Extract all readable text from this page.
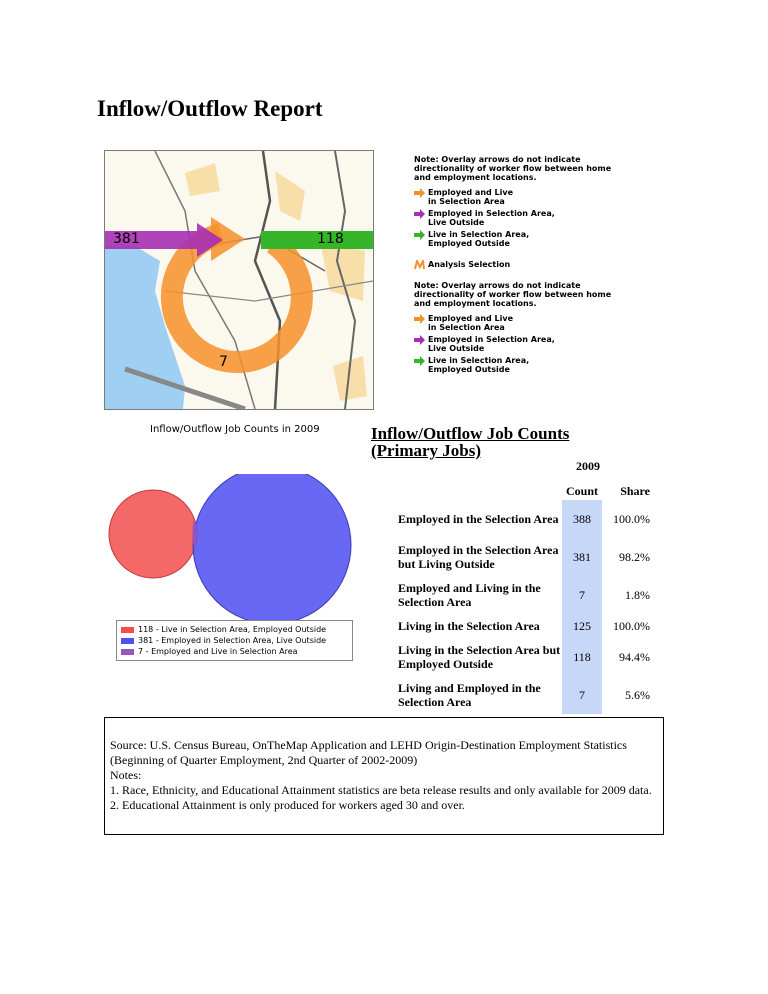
Inflow/Outflow Report
381	118
7

Note: Overlay arrows do not indicate directionality of worker flow between home and employment locations.

Employed and Live
in Selection Area
Employed in Selection Area,
Live Outside
Live in Selection Area,
Employed Outside
Analysis Selection

Note: Overlay arrows do not indicate directionality of worker flow between home and employment locations.

Employed and Live
in Selection Area
Employed in Selection Area,
Live Outside
Live in Selection Area,
Employed Outside
Inflow/Outflow Job Counts in 2009
118 - Live in Selection Area, Employed Outside
381 - Employed in Selection Area, Live Outside
7 - Employed and Live in Selection Area
Inflow/Outflow Job Counts
(Primary Jobs)
2009
	Count	Share
Employed in the Selection Area	388	100.0%
Employed in the Selection Area but Living Outside	381	98.2%
Employed and Living in the Selection Area	7	1.8%
Living in the Selection Area	125	100.0%
Living in the Selection Area but Employed Outside	118	94.4%
Living and Employed in the Selection Area	7	5.6%

Source: U.S. Census Bureau, OnTheMap Application and LEHD Origin-Destination Employment Statistics (Beginning of Quarter Employment, 2nd Quarter of 2002-2009)

Notes:

1. Race, Ethnicity, and Educational Attainment statistics are beta release results and only available for 2009 data.

2. Educational Attainment is only produced for workers aged 30 and over.
